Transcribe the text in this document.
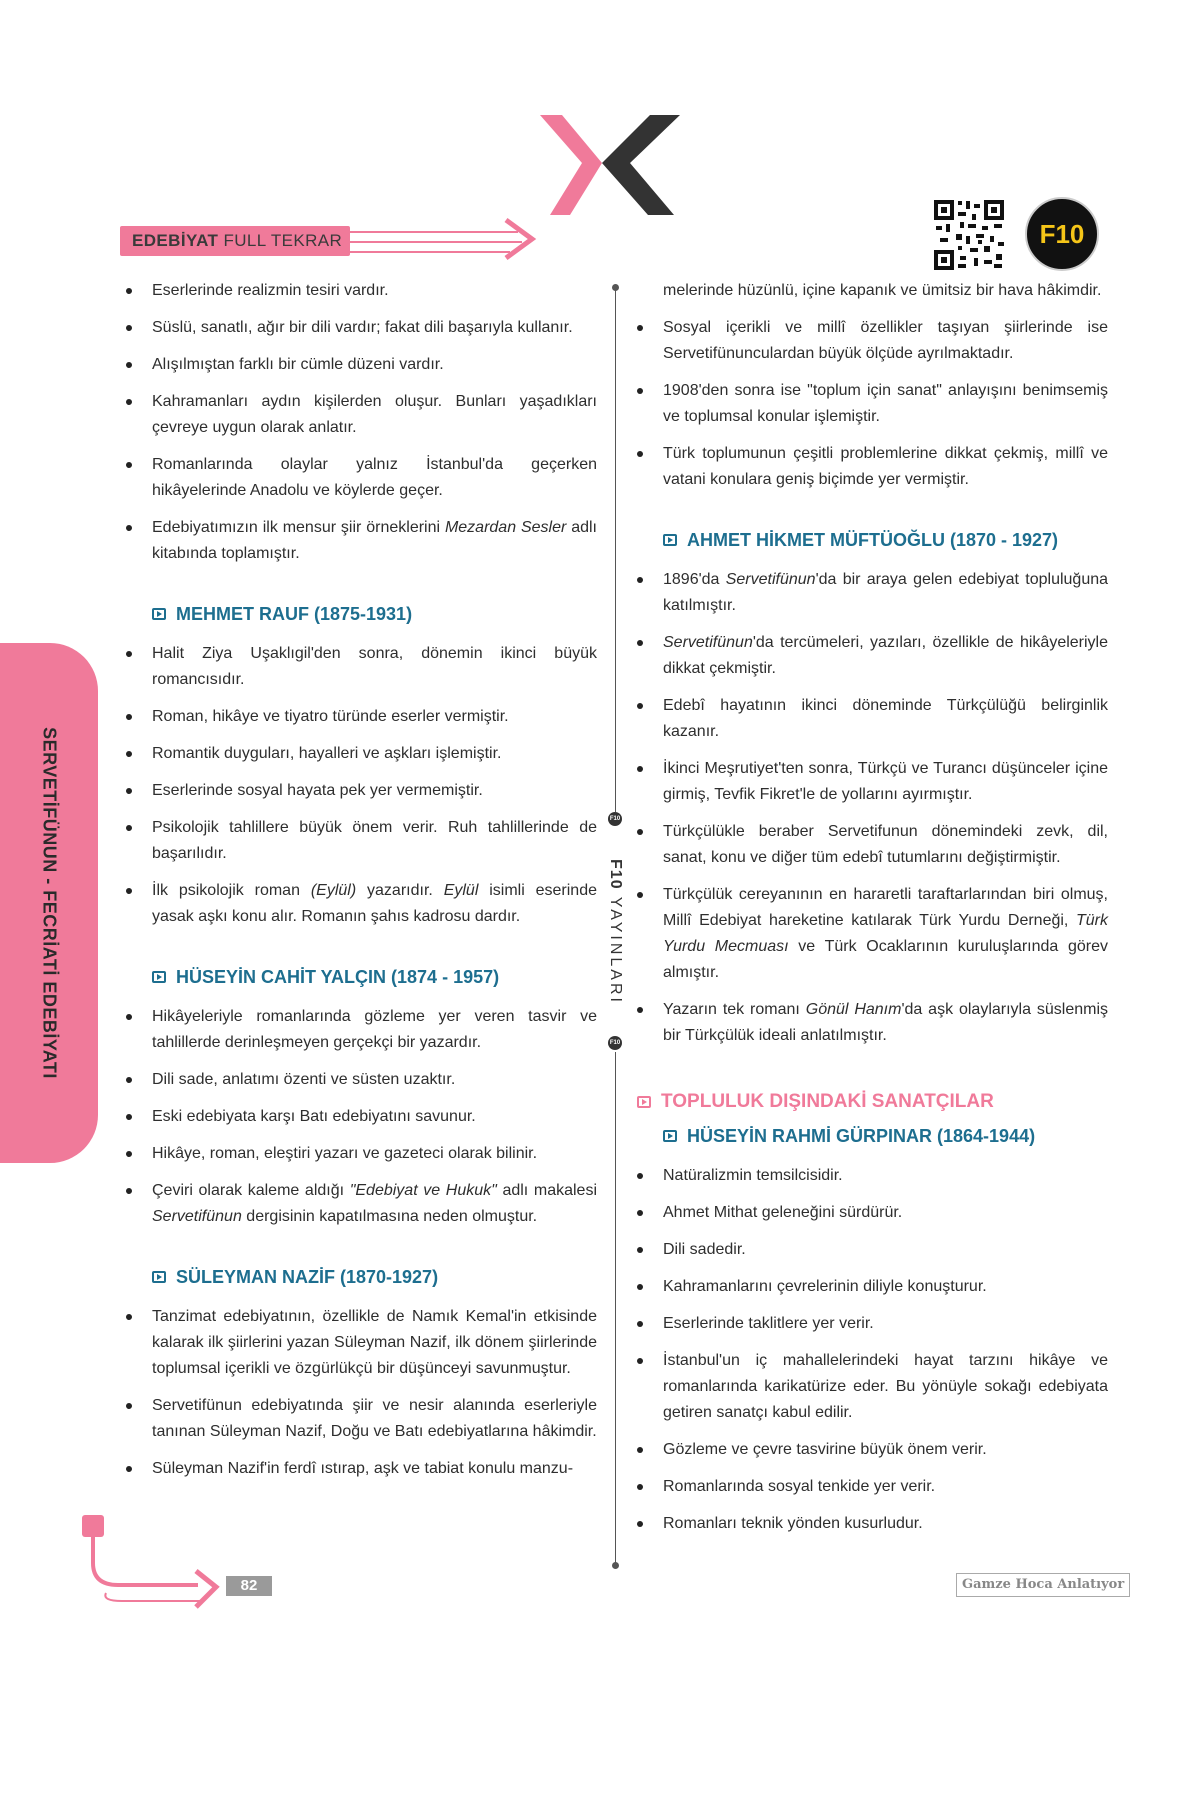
EDEBİYAT FULL TEKRAR	F10
SERVETİFÜNUN - FECRİATİ EDEBİYATI	F10
F10 YAYINLARI
F10
Eserlerinde realizmin tesiri vardır.
Süslü, sanatlı, ağır bir dili vardır; fakat dili başarıyla kullanır.
Alışılmıştan farklı bir cümle düzeni vardır.
Kahramanları aydın kişilerden oluşur. Bunları yaşadıkları çevreye uygun olarak anlatır.
Romanlarında olaylar yalnız İstanbul'da geçerken hikâyelerinde Anadolu ve köylerde geçer.
Edebiyatımızın ilk mensur şiir örneklerini Mezardan Sesler adlı kitabında toplamıştır.
MEHMET RAUF (1875-1931)
Halit Ziya Uşaklıgil'den sonra, dönemin ikinci büyük romancısıdır.
Roman, hikâye ve tiyatro türünde eserler vermiştir.
Romantik duyguları, hayalleri ve aşkları işlemiştir.
Eserlerinde sosyal hayata pek yer vermemiştir.
Psikolojik tahlillere büyük önem verir. Ruh tahlillerinde de başarılıdır.
İlk psikolojik roman (Eylül) yazarıdır. Eylül isimli eserinde yasak aşkı konu alır. Romanın şahıs kadrosu dardır.
HÜSEYİN CAHİT YALÇIN (1874 - 1957)
Hikâyeleriyle romanlarında gözleme yer veren tasvir ve tahlillerde derinleşmeyen gerçekçi bir yazardır.
Dili sade, anlatımı özenti ve süsten uzaktır.
Eski edebiyata karşı Batı edebiyatını savunur.
Hikâye, roman, eleştiri yazarı ve gazeteci olarak bilinir.
Çeviri olarak kaleme aldığı "Edebiyat ve Hukuk" adlı makalesi Servetifünun dergisinin kapatılmasına neden olmuştur.
SÜLEYMAN NAZİF (1870-1927)
Tanzimat edebiyatının, özellikle de Namık Kemal'in etkisinde kalarak ilk şiirlerini yazan Süleyman Nazif, ilk dönem şiirlerinde toplumsal içerikli ve özgürlükçü bir düşünceyi savunmuştur.
Servetifünun edebiyatında şiir ve nesir alanında eserleriyle tanınan Süleyman Nazif, Doğu ve Batı edebiyatlarına hâkimdir.
Süleyman Nazif'in ferdî ıstırap, aşk ve tabiat konulu manzu-
melerinde hüzünlü, içine kapanık ve ümitsiz bir hava hâkimdir.
Sosyal içerikli ve millî özellikler taşıyan şiirlerinde ise Servetifünunculardan büyük ölçüde ayrılmaktadır.
1908'den sonra ise "toplum için sanat" anlayışını benimsemiş ve toplumsal konular işlemiştir.
Türk toplumunun çeşitli problemlerine dikkat çekmiş, millî ve vatani konulara geniş biçimde yer vermiştir.
AHMET HİKMET MÜFTÜOĞLU (1870 - 1927)
1896'da Servetifünun'da bir araya gelen edebiyat topluluğuna katılmıştır.
Servetifünun'da tercümeleri, yazıları, özellikle de hikâyeleriyle dikkat çekmiştir.
Edebî hayatının ikinci döneminde Türkçülüğü belirginlik kazanır.
İkinci Meşrutiyet'ten sonra, Türkçü ve Turancı düşünceler içine girmiş, Tevfik Fikret'le de yollarını ayırmıştır.
Türkçülükle beraber Servetifunun dönemindeki zevk, dil, sanat, konu ve diğer tüm edebî tutumlarını değiştirmiştir.
Türkçülük cereyanının en hararetli taraftarlarından biri olmuş, Millî Edebiyat hareketine katılarak Türk Yurdu Derneği, Türk Yurdu Mecmuası ve Türk Ocaklarının kuruluşlarında görev almıştır.
Yazarın tek romanı Gönül Hanım'da aşk olaylarıyla süslenmiş bir Türkçülük ideali anlatılmıştır.
TOPLULUK DIŞINDAKİ SANATÇILAR
HÜSEYİN RAHMİ GÜRPINAR (1864-1944)
Natüralizmin temsilcisidir.
Ahmet Mithat geleneğini sürdürür.
Dili sadedir.
Kahramanlarını çevrelerinin diliyle konuşturur.
Eserlerinde taklitlere yer verir.
İstanbul'un iç mahallelerindeki hayat tarzını hikâye ve romanlarında karikatürize eder. Bu yönüyle sokağı edebiyata getiren sanatçı kabul edilir.
Gözleme ve çevre tasvirine büyük önem verir.
Romanlarında sosyal tenkide yer verir.
Romanları teknik yönden kusurludur.
82	Gamze Hoca Anlatıyor
